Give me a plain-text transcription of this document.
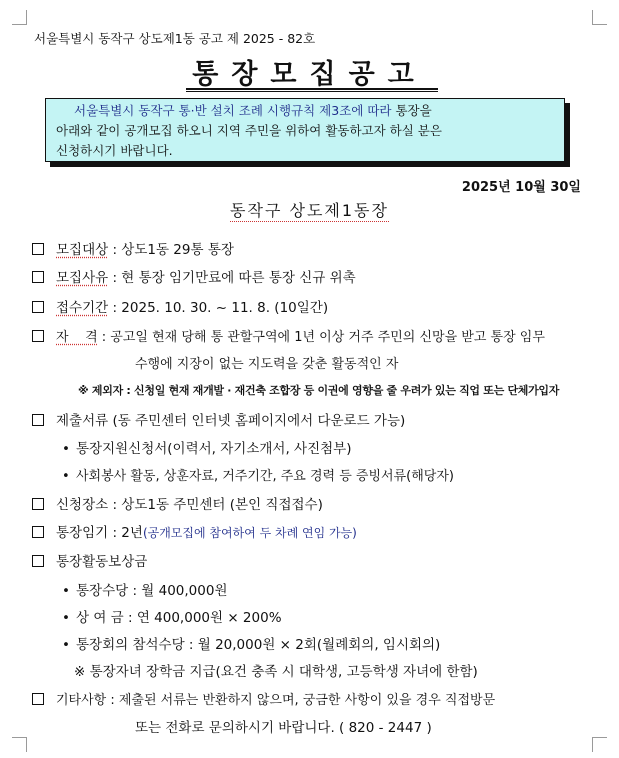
서울특별시 동작구 상도제1동 공고 제 2025 - 82호
통장모집공고
서울특별시 동작구 통·반 설치 조례 시행규칙 제3조에 따라 통장을
아래와 같이 공개모집 하오니 지역 주민을 위하여 활동하고자 하실 분은
신청하시기 바랍니다.
2025년 10월 30일
동작구 상도제1동장
모집대상 : 상도1동 29통 통장
모집사유 : 현 통장 임기만료에 따른 통장 신규 위촉
접수기간 : 2025. 10. 30. ~ 11. 8. (10일간)
자    격 : 공고일 현재 당해 통 관할구역에 1년 이상 거주 주민의 신망을 받고 통장 임무
수행에 지장이 없는 지도력을 갖춘 활동적인 자
※ 제외자 : 신청일 현재 재개발 · 재건축 조합장 등 이권에 영향을 줄 우려가 있는 직업 또는 단체가입자
제출서류 (동 주민센터 인터넷 홈페이지에서 다운로드 가능)
• 통장지원신청서(이력서, 자기소개서, 사진첨부)
• 사회봉사 활동, 상훈자료, 거주기간, 주요 경력 등 증빙서류(해당자)
신청장소 : 상도1동 주민센터 (본인 직접접수)
통장임기 : 2년(공개모집에 참여하여 두 차례 연임 가능)
통장활동보상금
• 통장수당 : 월 400,000원
• 상 여 금 : 연 400,000원 × 200%
• 통장회의 참석수당 : 월 20,000원 × 2회(월례회의, 임시회의)
※ 통장자녀 장학금 지급(요건 충족 시 대학생, 고등학생 자녀에 한함)
기타사항 : 제출된 서류는 반환하지 않으며, 궁금한 사항이 있을 경우 직접방문
또는 전화로 문의하시기 바랍니다. ( 820 - 2447 )
